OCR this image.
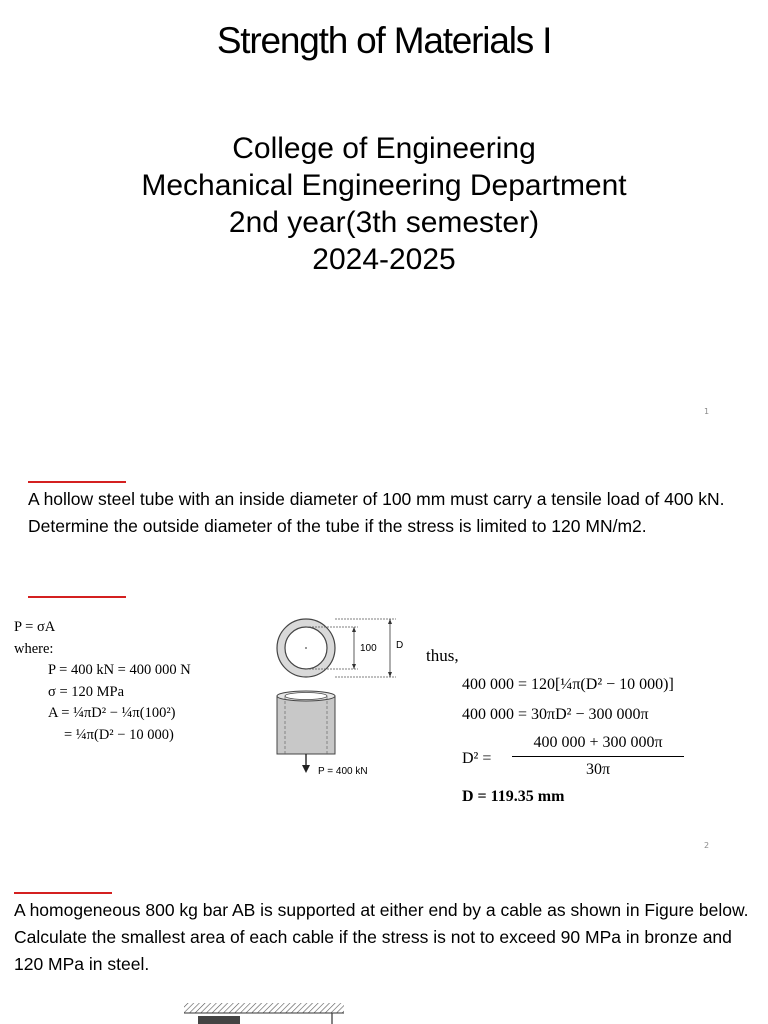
Strength of Materials I
College of Engineering
Mechanical Engineering Department
2nd year(3th semester)
2024-2025
1
A hollow steel tube with an inside diameter of 100 mm must carry a tensile load of 400 kN. Determine the outside diameter of the tube if the stress is limited to 120 MN/m2.
P = σA
where:
P = 400 kN = 400 000 N
σ = 120 MPa
A = ¼πD² − ¼π(100²)
= ¼π(D² − 10 000)
100 D
P = 400 kN
thus,
400 000 = 120[¼π(D² − 10 000)]
400 000 = 30πD² − 300 000π
D² =
400 000 + 300 000π
30π
D = 119.35 mm
2
A homogeneous 800 kg bar AB is supported at either end by a cable as shown in Figure below. Calculate the smallest area of each cable if the stress is not to exceed 90 MPa in bronze and 120 MPa in steel.
